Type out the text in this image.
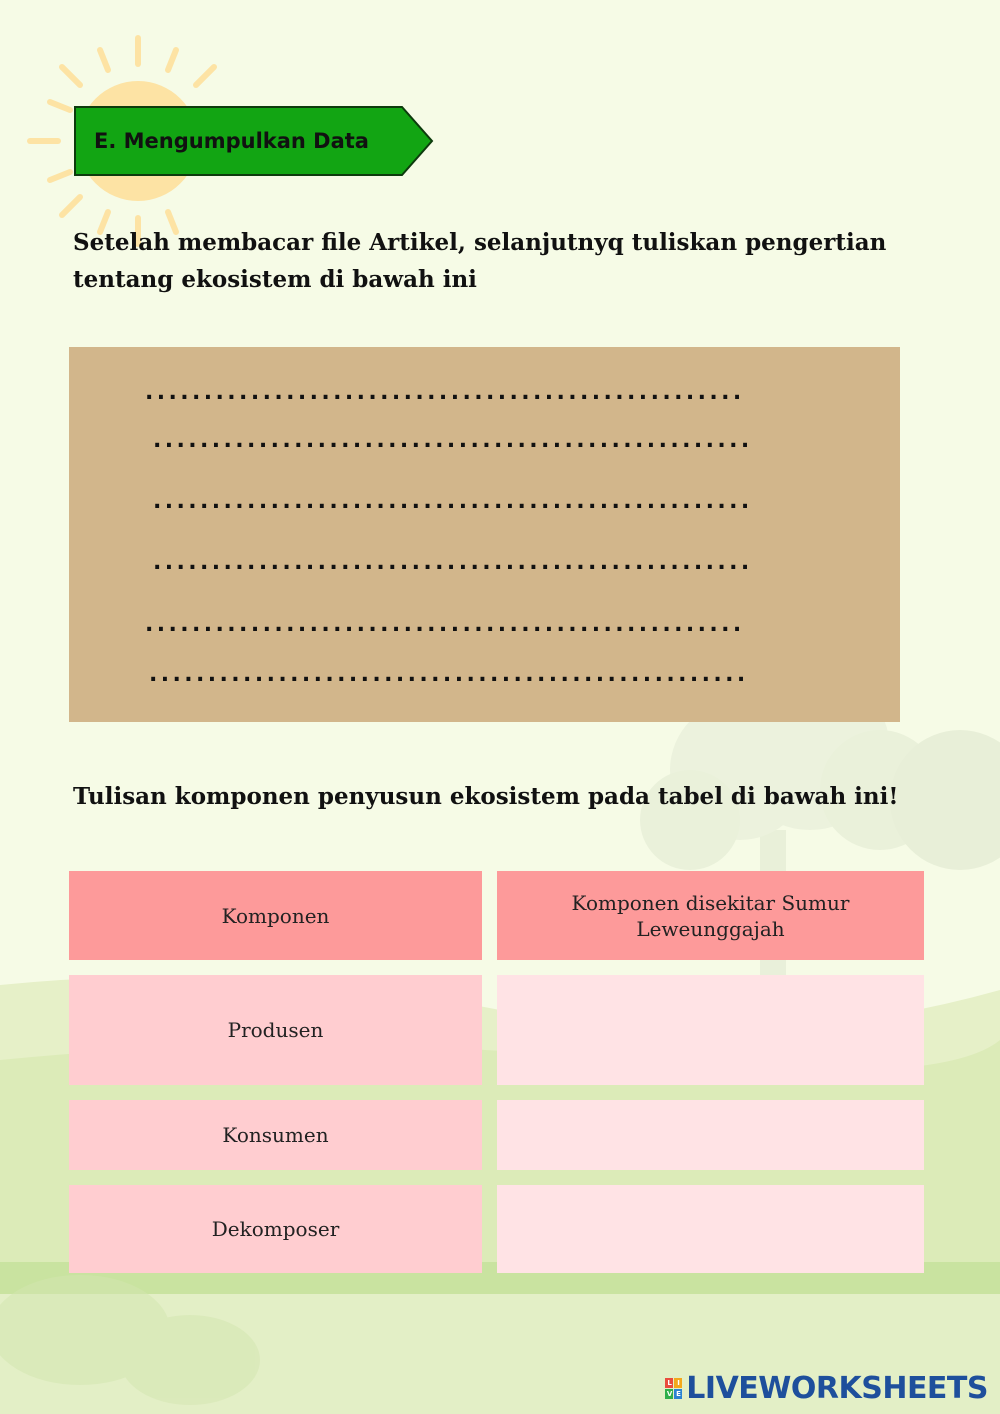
E. Mengumpulkan Data
Setelah membacar file Artikel, selanjutnyq tuliskan pengertian tentang ekosistem di bawah ini
...................................................
...................................................
...................................................
...................................................
...................................................
...................................................
Tulisan komponen penyusun ekosistem pada tabel di bawah ini!
Komponen
Komponen disekitar Sumur Leweunggajah
Produsen
Konsumen
Dekomposer
L I
V E LIVEWORKSHEETS
